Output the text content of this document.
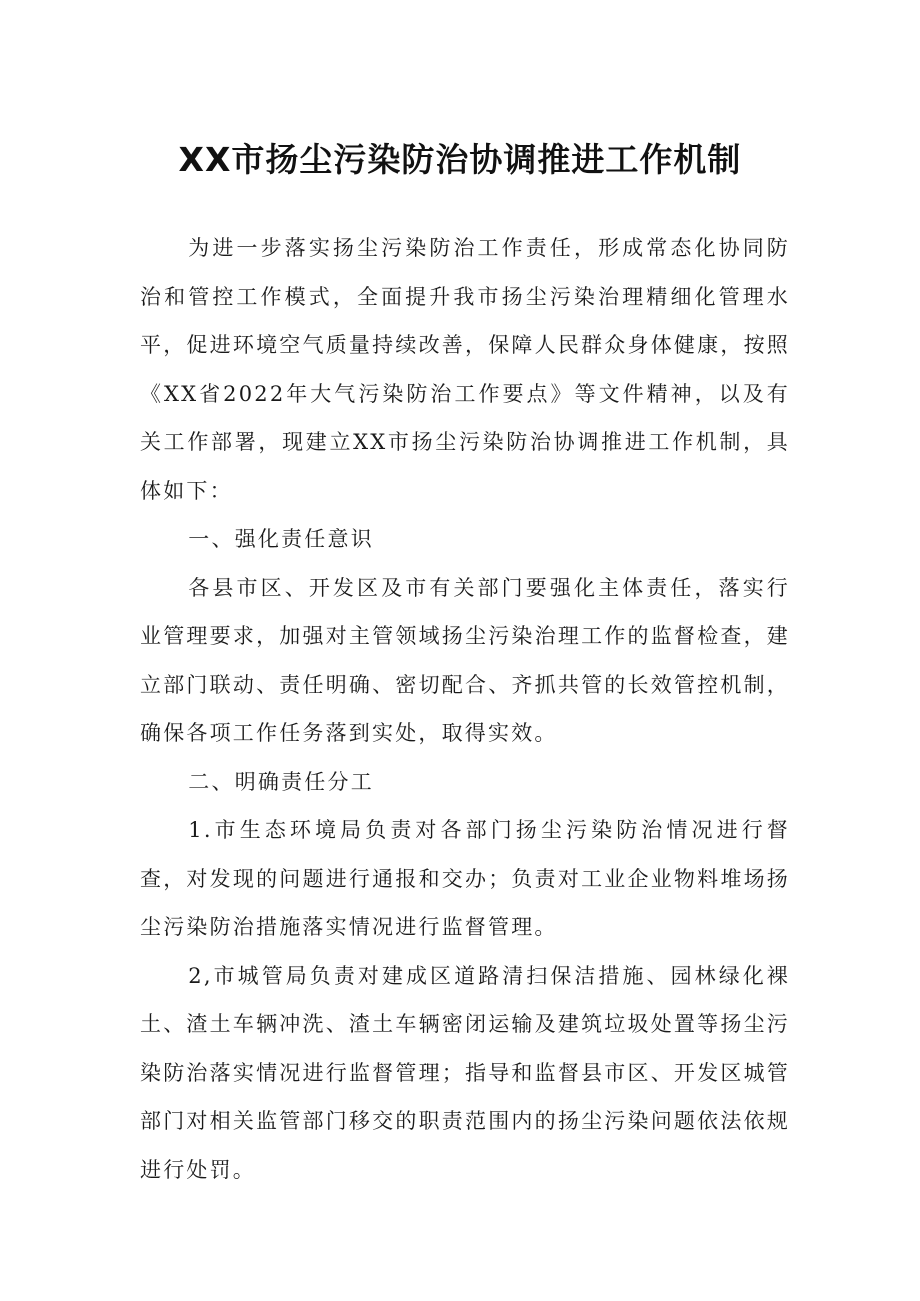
XX市扬尘污染防治协调推进工作机制

为进一步落实扬尘污染防治工作责任，形成常态化协同防治和管控工作模式，全面提升我市扬尘污染治理精细化管理水平，促进环境空气质量持续改善，保障人民群众身体健康，按照《XX省2022年大气污染防治工作要点》等文件精神，以及有关工作部署，现建立XX市扬尘污染防治协调推进工作机制，具体如下：

一、强化责任意识

各县市区、开发区及市有关部门要强化主体责任，落实行业管理要求，加强对主管领域扬尘污染治理工作的监督检查，建立部门联动、责任明确、密切配合、齐抓共管的长效管控机制，确保各项工作任务落到实处，取得实效。

二、明确责任分工

1.市生态环境局负责对各部门扬尘污染防治情况进行督查，对发现的问题进行通报和交办；负责对工业企业物料堆场扬尘污染防治措施落实情况进行监督管理。

2,市城管局负责对建成区道路清扫保洁措施、园林绿化裸土、渣土车辆冲洗、渣土车辆密闭运输及建筑垃圾处置等扬尘污染防治落实情况进行监督管理；指导和监督县市区、开发区城管部门对相关监管部门移交的职责范围内的扬尘污染问题依法依规进行处罚。
